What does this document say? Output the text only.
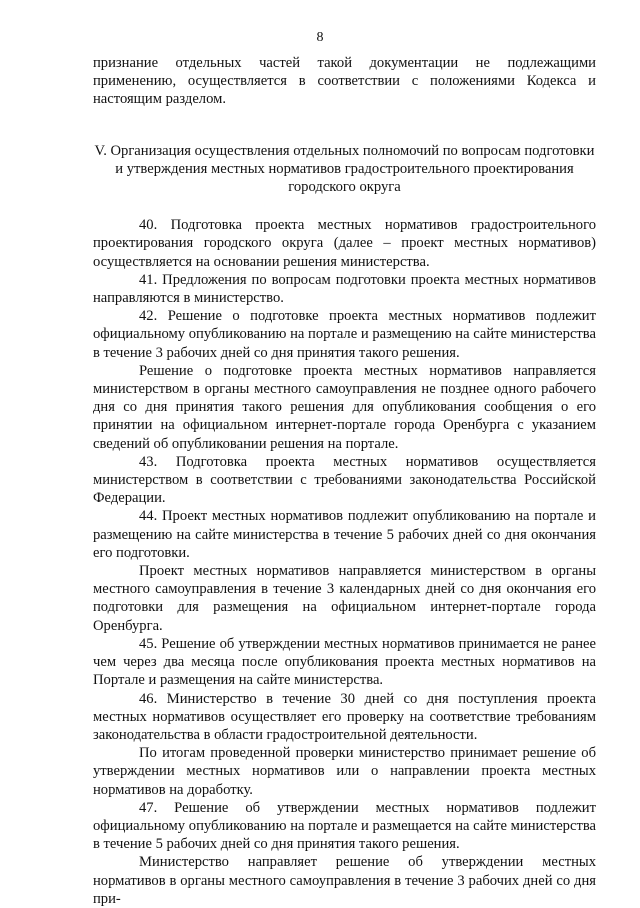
8

признание отдельных частей такой документации не подлежащими применению, осуществляется в соответствии с положениями Кодекса и настоящим разделом.

V. Организация осуществления отдельных полномочий по вопросам подготовки и утверждения местных нормативов градостроительного проектирования городского округа

40. Подготовка проекта местных нормативов градостроительного проектирования городского округа (далее – проект местных нормативов) осуществляется на основании решения министерства.

41. Предложения по вопросам подготовки проекта местных нормативов направляются в министерство.

42. Решение о подготовке проекта местных нормативов подлежит официальному опубликованию на портале и размещению на сайте министерства в течение 3 рабочих дней со дня принятия такого решения.

Решение о подготовке проекта местных нормативов направляется министерством в органы местного самоуправления не позднее одного рабочего дня со дня принятия такого решения для опубликования сообщения о его принятии на официальном интернет-портале города Оренбурга с указанием сведений об опубликовании решения на портале.

43. Подготовка проекта местных нормативов осуществляется министерством в соответствии с требованиями законодательства Российской Федерации.

44. Проект местных нормативов подлежит опубликованию на портале и размещению на сайте министерства в течение 5 рабочих дней со дня окончания его подготовки.

Проект местных нормативов направляется министерством в органы местного самоуправления в течение 3 календарных дней со дня окончания его подготовки для размещения на официальном интернет-портале города Оренбурга.

45. Решение об утверждении местных нормативов принимается не ранее чем через два месяца после опубликования проекта местных нормативов на Портале и размещения на сайте министерства.

46. Министерство в течение 30 дней со дня поступления проекта местных нормативов осуществляет его проверку на соответствие требованиям законодательства в области градостроительной деятельности.

По итогам проведенной проверки министерство принимает решение об утверждении местных нормативов или о направлении проекта местных нормативов на доработку.

47. Решение об утверждении местных нормативов подлежит официальному опубликованию на портале и размещается на сайте министерства в течение 5 рабочих дней со дня принятия такого решения.

Министерство направляет решение об утверждении местных нормативов в органы местного самоуправления в течение 3 рабочих дней со дня при-
